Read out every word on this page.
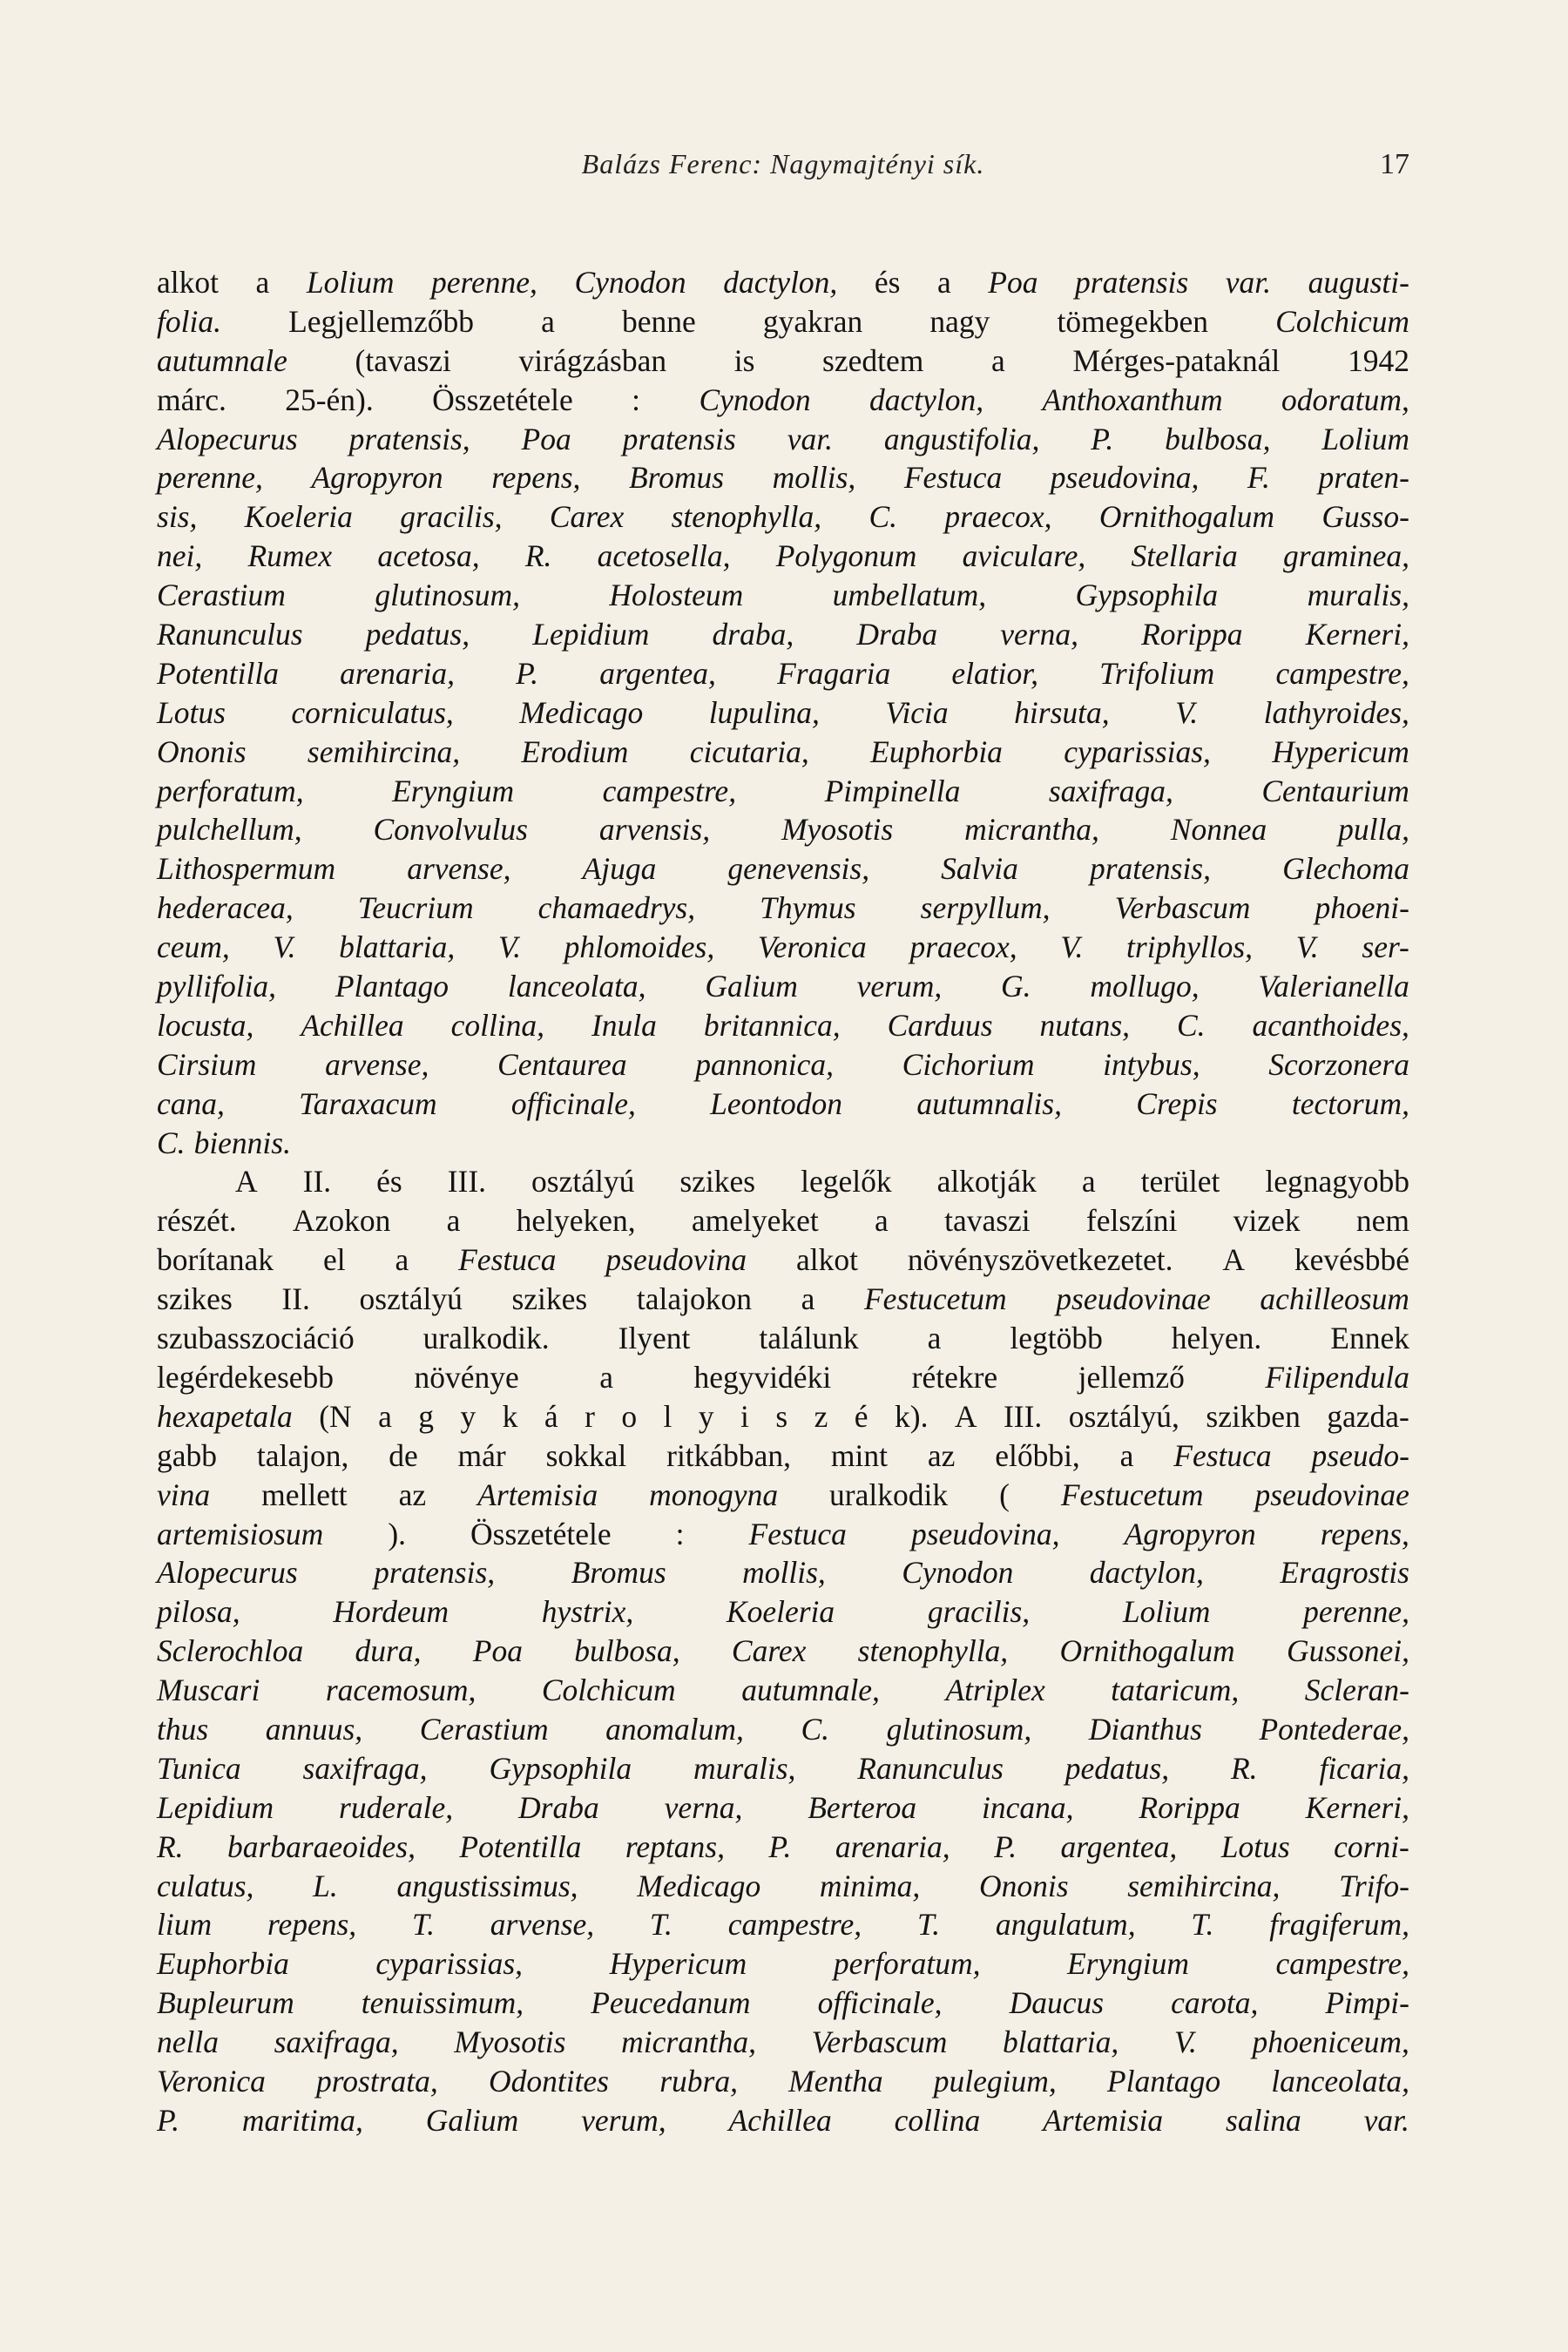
Balázs Ferenc: Nagymajtényi sík.	17
alkot a Lolium perenne, Cynodon dactylon, és a Poa pratensis var. augusti-
folia. Legjellemzőbb a benne gyakran nagy tömegekben Colchicum
autumnale (tavaszi virágzásban is szedtem a Mérges-pataknál 1942
márc. 25-én). Összetétele : Cynodon dactylon, Anthoxanthum odoratum,
Alopecurus pratensis, Poa pratensis var. angustifolia, P. bulbosa, Lolium
perenne, Agropyron repens, Bromus mollis, Festuca pseudovina, F. praten-
sis, Koeleria gracilis, Carex stenophylla, C. praecox, Ornithogalum Gusso-
nei, Rumex acetosa, R. acetosella, Polygonum aviculare, Stellaria graminea,
Cerastium	glutinosum,	Holosteum	umbellatum,	Gypsophila	muralis,
Ranunculus pedatus, Lepidium draba, Draba verna, Rorippa Kerneri,
Potentilla arenaria, P. argentea, Fragaria elatior, Trifolium campestre,
Lotus corniculatus, Medicago lupulina, Vicia hirsuta, V. lathyroides,
Ononis semihircina, Erodium cicutaria, Euphorbia cyparissias, Hypericum
perforatum,	Eryngium	campestre,	Pimpinella	saxifraga,	Centaurium
pulchellum, Convolvulus arvensis, Myosotis micrantha, Nonnea pulla,
Lithospermum arvense, Ajuga genevensis, Salvia pratensis, Glechoma
hederacea, Teucrium chamaedrys, Thymus serpyllum, Verbascum phoeni-
ceum, V. blattaria, V. phlomoides, Veronica praecox, V. triphyllos, V. ser-
pyllifolia, Plantago lanceolata, Galium verum, G. mollugo, Valerianella
locusta, Achillea collina, Inula britannica, Carduus nutans, C. acanthoides,
Cirsium arvense, Centaurea pannonica, Cichorium intybus, Scorzonera
cana, Taraxacum officinale, Leontodon autumnalis, Crepis tectorum,
C. biennis.
A II. és III. osztályú szikes legelők alkotják a terület legnagyobb
részét. Azokon a helyeken, amelyeket a tavaszi felszíni vizek nem
borítanak el a Festuca pseudovina alkot növényszövetkezetet. A kevésbbé
szikes II. osztályú szikes talajokon a Festucetum pseudovinae achilleosum
szubasszociáció uralkodik. Ilyent találunk a legtöbb helyen. Ennek
legérdekesebb	növénye	a	hegyvidéki	rétekre	jellemző	Filipendula
hexapetala (N a g y k á r o l y i s z é k). A III. osztályú, szikben gazda-
gabb talajon, de már sokkal ritkábban, mint az előbbi, a Festuca pseudo-
vina mellett az Artemisia monogyna uralkodik ( Festucetum pseudovinae
artemisiosum ). Összetétele : Festuca pseudovina, Agropyron repens,
Alopecurus pratensis, Bromus mollis, Cynodon dactylon, Eragrostis
pilosa,	Hordeum	hystrix,	Koeleria	gracilis,	Lolium	perenne,
Sclerochloa dura, Poa bulbosa, Carex stenophylla, Ornithogalum Gussonei,
Muscari racemosum, Colchicum autumnale, Atriplex tataricum, Scleran-
thus annuus, Cerastium anomalum, C. glutinosum, Dianthus Pontederae,
Tunica saxifraga, Gypsophila muralis, Ranunculus pedatus, R. ficaria,
Lepidium ruderale, Draba verna, Berteroa incana, Rorippa Kerneri,
R. barbaraeoides, Potentilla reptans, P. arenaria, P. argentea, Lotus corni-
culatus, L. angustissimus, Medicago minima, Ononis semihircina, Trifo-
lium repens, T. arvense, T. campestre, T. angulatum, T. fragiferum,
Euphorbia	cyparissias,	Hypericum	perforatum,	Eryngium	campestre,
Bupleurum tenuissimum, Peucedanum officinale, Daucus carota, Pimpi-
nella saxifraga, Myosotis micrantha, Verbascum blattaria, V. phoeniceum,
Veronica prostrata, Odontites rubra, Mentha pulegium, Plantago lanceolata,
P. maritima, Galium verum, Achillea collina Artemisia salina var.
